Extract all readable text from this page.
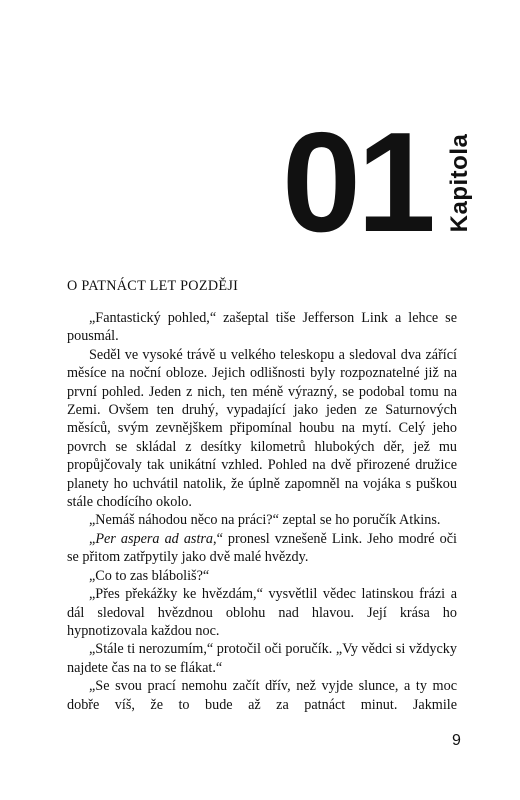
01 Kapitola
O PATNÁCT LET POZDĚJI

„Fantastický pohled,“ zašeptal tiše Jefferson Link a lehce se pousmál.

Seděl ve vysoké trávě u velkého teleskopu a sledoval dva zářící měsíce na noční obloze. Jejich odlišnosti byly rozpoznatelné již na první pohled. Jeden z nich, ten méně výrazný, se podobal tomu na Zemi. Ovšem ten druhý, vypadající jako jeden ze Saturnových měsíců, svým zevnějškem připomínal houbu na mytí. Celý jeho povrch se skládal z desítky kilometrů hlubokých děr, jež mu propůjčovaly tak unikátní vzhled. Pohled na dvě přirozené družice planety ho uchvátil natolik, že úplně zapomněl na vojáka s puškou stále chodícího okolo.

„Nemáš náhodou něco na práci?“ zeptal se ho poručík Atkins.

„Per aspera ad astra,“ pronesl vznešeně Link. Jeho modré oči se přitom zatřpytily jako dvě malé hvězdy.

„Co to zas bláboliš?“

„Přes překážky ke hvězdám,“ vysvětlil vědec latinskou frázi a dál sledoval hvězdnou oblohu nad hlavou. Její krása ho hypnotizovala každou noc.

„Stále ti nerozumím,“ protočil oči poručík. „Vy vědci si vždycky najdete čas na to se flákat.“

„Se svou prací nemohu začít dřív, než vyjde slunce, a ty moc dobře víš, že to bude až za patnáct minut. Jakmile

9
